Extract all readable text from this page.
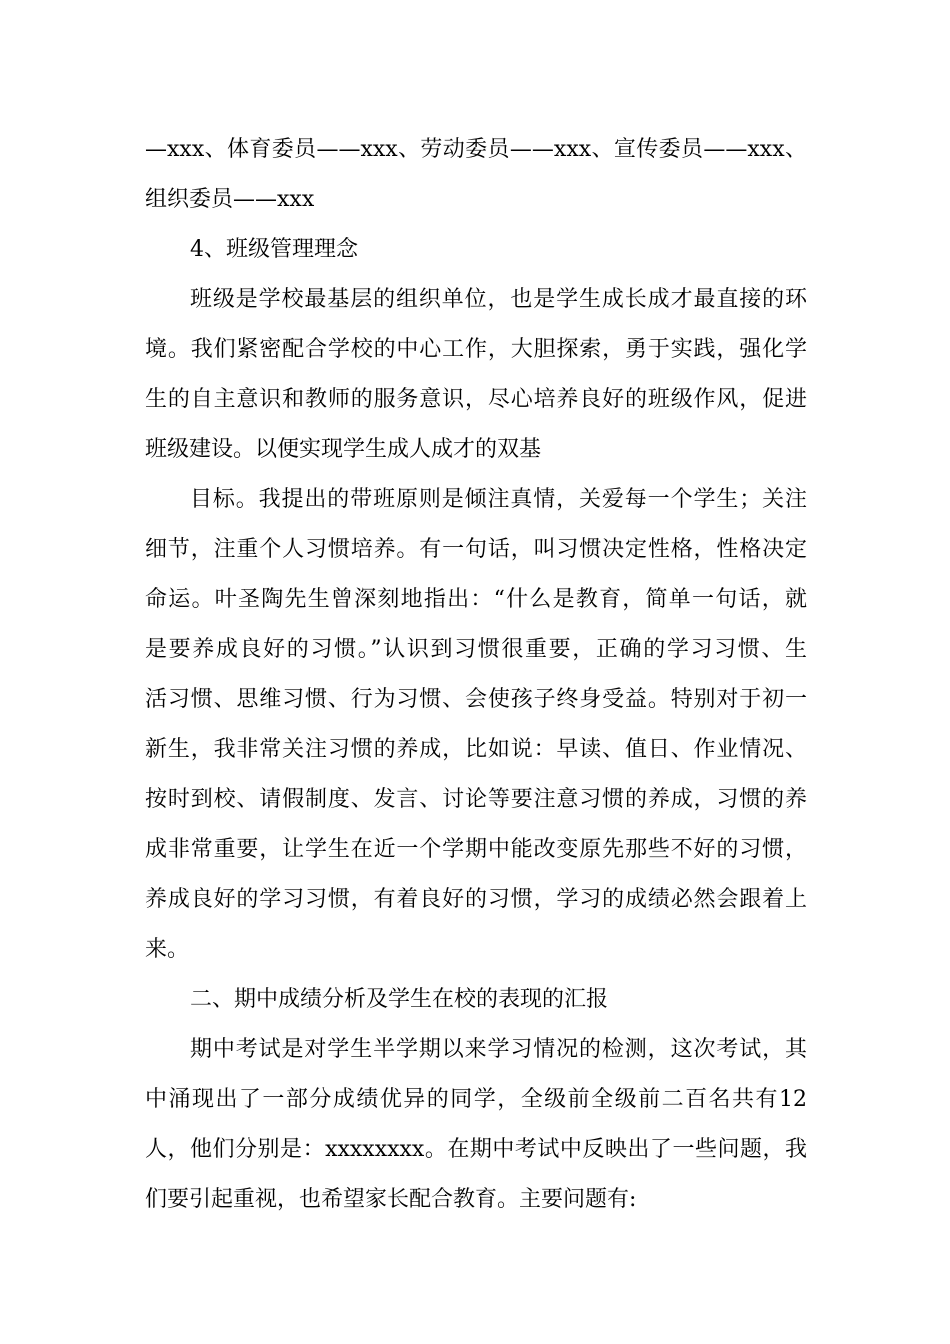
—xxx、体育委员——xxx、劳动委员——xxx、宣传委员——xxx、
组织委员——xxx
4、班级管理理念
班级是学校最基层的组织单位，也是学生成长成才最直接的环
境。我们紧密配合学校的中心工作，大胆探索，勇于实践，强化学
生的自主意识和教师的服务意识，尽心培养良好的班级作风，促进
班级建设。以便实现学生成人成才的双基
目标。我提出的带班原则是倾注真情，关爱每一个学生；关注
细节，注重个人习惯培养。有一句话，叫习惯决定性格，性格决定
命运。叶圣陶先生曾深刻地指出：“什么是教育，简单一句话，就
是要养成良好的习惯。”认识到习惯很重要，正确的学习习惯、生
活习惯、思维习惯、行为习惯、会使孩子终身受益。特别对于初一
新生，我非常关注习惯的养成，比如说：早读、值日、作业情况、
按时到校、请假制度、发言、讨论等要注意习惯的养成，习惯的养
成非常重要，让学生在近一个学期中能改变原先那些不好的习惯，
养成良好的学习习惯，有着良好的习惯，学习的成绩必然会跟着上
来。
二、期中成绩分析及学生在校的表现的汇报
期中考试是对学生半学期以来学习情况的检测，这次考试，其
中涌现出了一部分成绩优异的同学，全级前全级前二百名共有12
人，他们分别是：xxxxxxxx。在期中考试中反映出了一些问题，我
们要引起重视，也希望家长配合教育。主要问题有:
